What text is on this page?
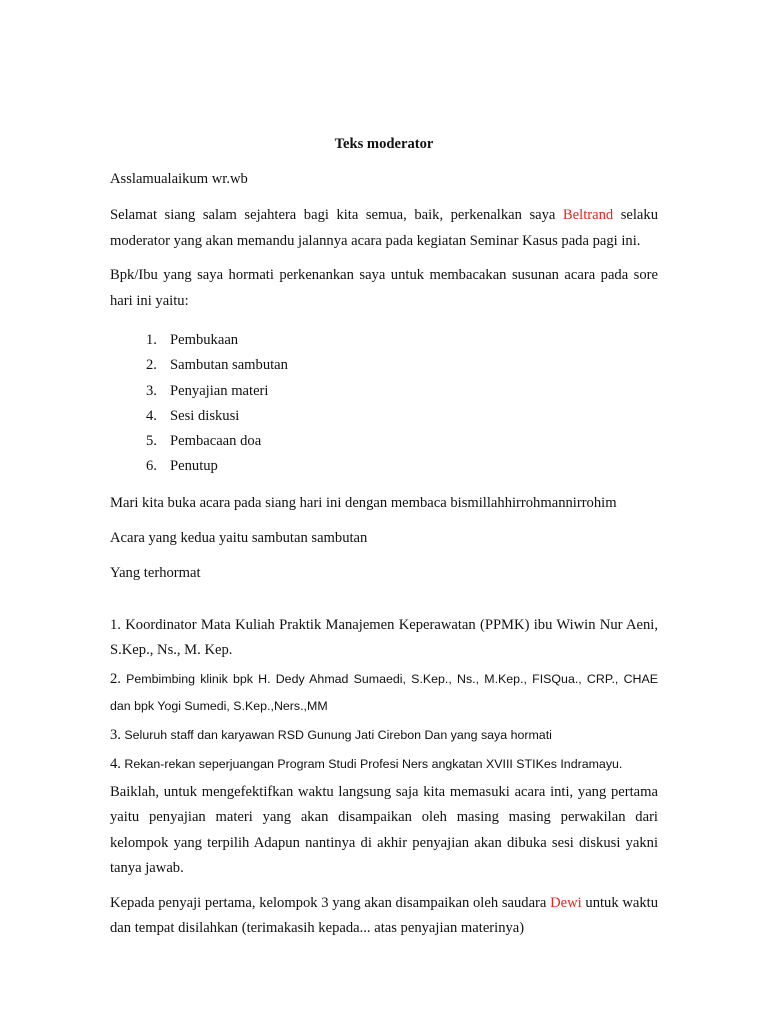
Teks moderator

Asslamualaikum wr.wb

Selamat siang salam sejahtera bagi kita semua, baik, perkenalkan saya Beltrand selaku moderator yang akan memandu jalannya acara pada kegiatan Seminar Kasus pada pagi ini.

Bpk/Ibu yang saya hormati perkenankan saya untuk membacakan susunan acara pada sore hari ini yaitu:

1. Pembukaan
2. Sambutan sambutan
3. Penyajian materi
4. Sesi diskusi
5. Pembacaan doa
6. Penutup

Mari kita buka acara pada siang hari ini dengan membaca bismillahhirrohmannirrohim

Acara yang kedua yaitu sambutan sambutan

Yang terhormat

1. Koordinator Mata Kuliah Praktik Manajemen Keperawatan (PPMK) ibu Wiwin Nur Aeni, S.Kep., Ns., M. Kep.

2. Pembimbing klinik bpk H. Dedy Ahmad Sumaedi, S.Kep., Ns., M.Kep., FISQua., CRP., CHAE dan bpk Yogi Sumedi, S.Kep.,Ners.,MM

3. Seluruh staff dan karyawan RSD Gunung Jati Cirebon Dan yang saya hormati

4. Rekan-rekan seperjuangan Program Studi Profesi Ners angkatan XVIII STIKes Indramayu.

Baiklah, untuk mengefektifkan waktu langsung saja kita memasuki acara inti, yang pertama yaitu penyajian materi yang akan disampaikan oleh masing masing perwakilan dari kelompok yang terpilih Adapun nantinya di akhir penyajian akan dibuka sesi diskusi yakni tanya jawab.

Kepada penyaji pertama, kelompok 3 yang akan disampaikan oleh saudara Dewi untuk waktu dan tempat disilahkan (terimakasih kepada... atas penyajian materinya)
